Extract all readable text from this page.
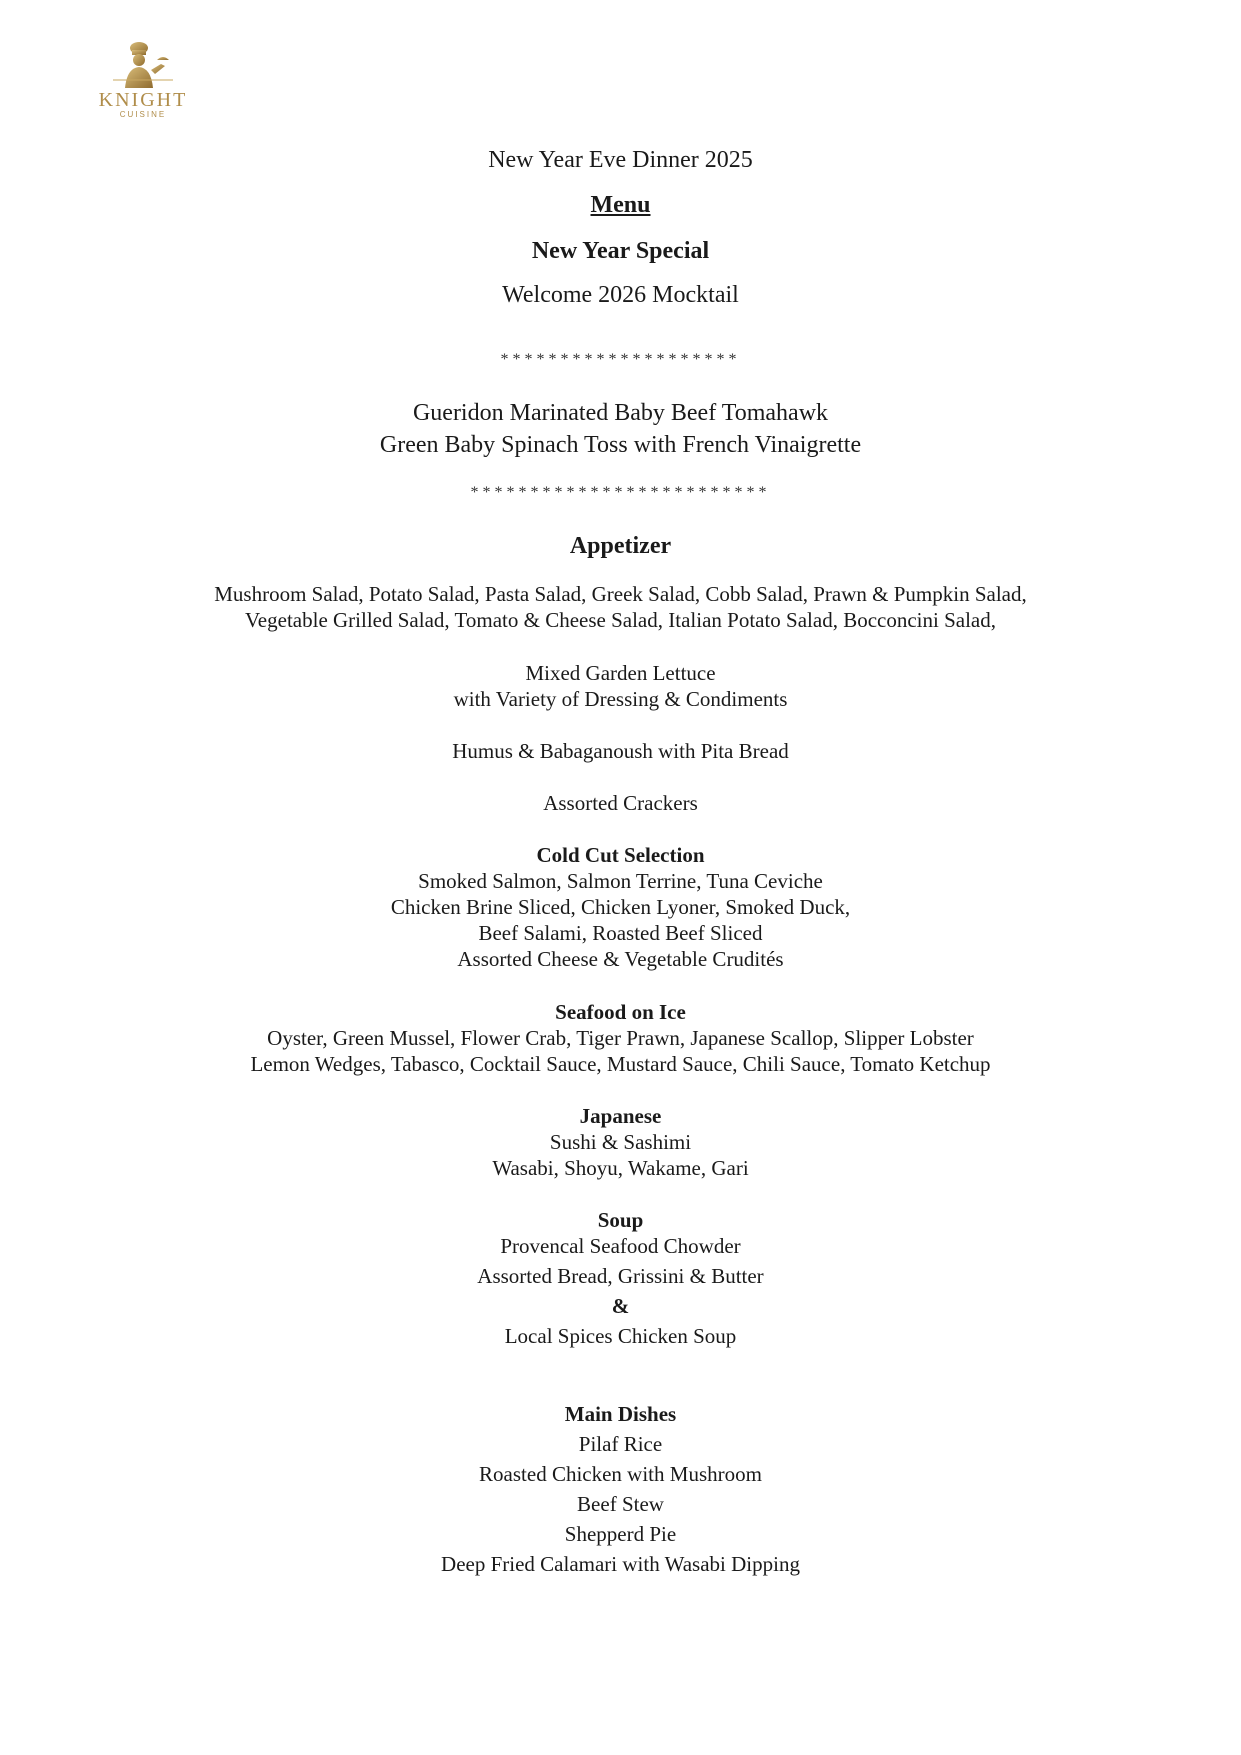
KNIGHT
CUISINE
New Year Eve Dinner 2025
Menu
New Year Special
Welcome 2026 Mocktail
********************
Gueridon Marinated Baby Beef Tomahawk
Green Baby Spinach Toss with French Vinaigrette
*************************
Appetizer
Mushroom Salad, Potato Salad, Pasta Salad, Greek Salad, Cobb Salad, Prawn & Pumpkin Salad,
Vegetable Grilled Salad, Tomato & Cheese Salad, Italian Potato Salad, Bocconcini Salad,
Mixed Garden Lettuce
with Variety of Dressing & Condiments
Humus & Babaganoush with Pita Bread
Assorted Crackers
Cold Cut Selection
Smoked Salmon, Salmon Terrine, Tuna Ceviche
Chicken Brine Sliced, Chicken Lyoner, Smoked Duck,
Beef Salami, Roasted Beef Sliced
Assorted Cheese & Vegetable Crudités
Seafood on Ice
Oyster, Green Mussel, Flower Crab, Tiger Prawn, Japanese Scallop, Slipper Lobster
Lemon Wedges, Tabasco, Cocktail Sauce, Mustard Sauce, Chili Sauce, Tomato Ketchup
Japanese
Sushi & Sashimi
Wasabi, Shoyu, Wakame, Gari
Soup
Provencal Seafood Chowder
Assorted Bread, Grissini & Butter
&
Local Spices Chicken Soup
Main Dishes
Pilaf Rice
Roasted Chicken with Mushroom
Beef Stew
Shepperd Pie
Deep Fried Calamari with Wasabi Dipping
